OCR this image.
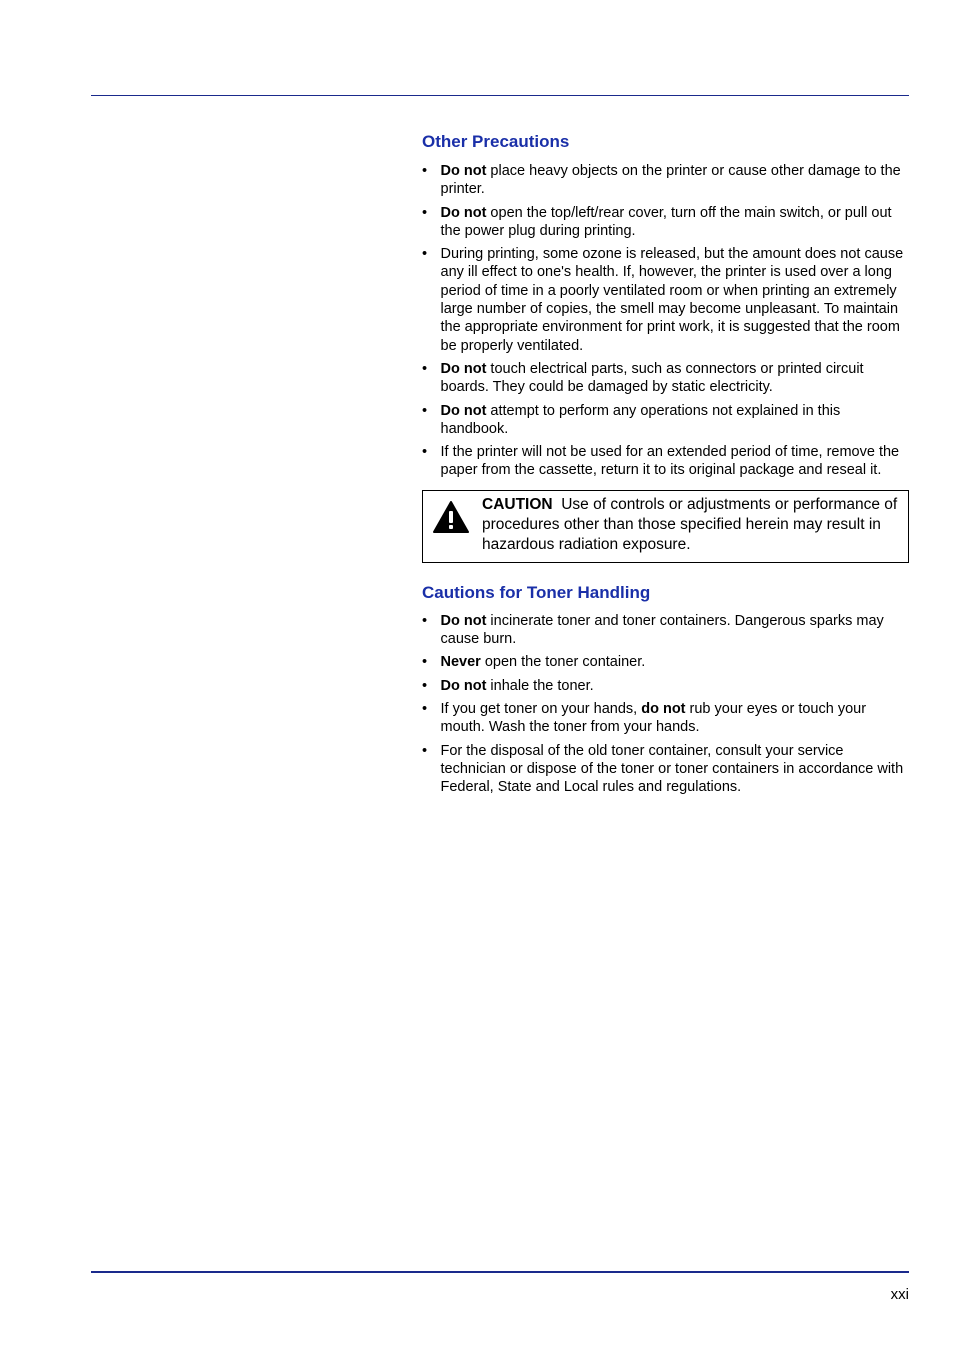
Other Precautions
• Do not place heavy objects on the printer or cause other damage to the printer.
• Do not open the top/left/rear cover, turn off the main switch, or pull out the power plug during printing.
• During printing, some ozone is released, but the amount does not cause any ill effect to one's health. If, however, the printer is used over a long period of time in a poorly ventilated room or when printing an extremely large number of copies, the smell may become unpleasant. To maintain the appropriate environment for print work, it is suggested that the room be properly ventilated.
• Do not touch electrical parts, such as connectors or printed circuit boards. They could be damaged by static electricity.
• Do not attempt to perform any operations not explained in this handbook.
• If the printer will not be used for an extended period of time, remove the paper from the cassette, return it to its original package and reseal it.
CAUTION Use of controls or adjustments or performance of procedures other than those specified herein may result in hazardous radiation exposure.
Cautions for Toner Handling
• Do not incinerate toner and toner containers. Dangerous sparks may cause burn.
• Never open the toner container.
• Do not inhale the toner.
• If you get toner on your hands, do not rub your eyes or touch your mouth. Wash the toner from your hands.
• For the disposal of the old toner container, consult your service technician or dispose of the toner or toner containers in accordance with Federal, State and Local rules and regulations.
xxi
